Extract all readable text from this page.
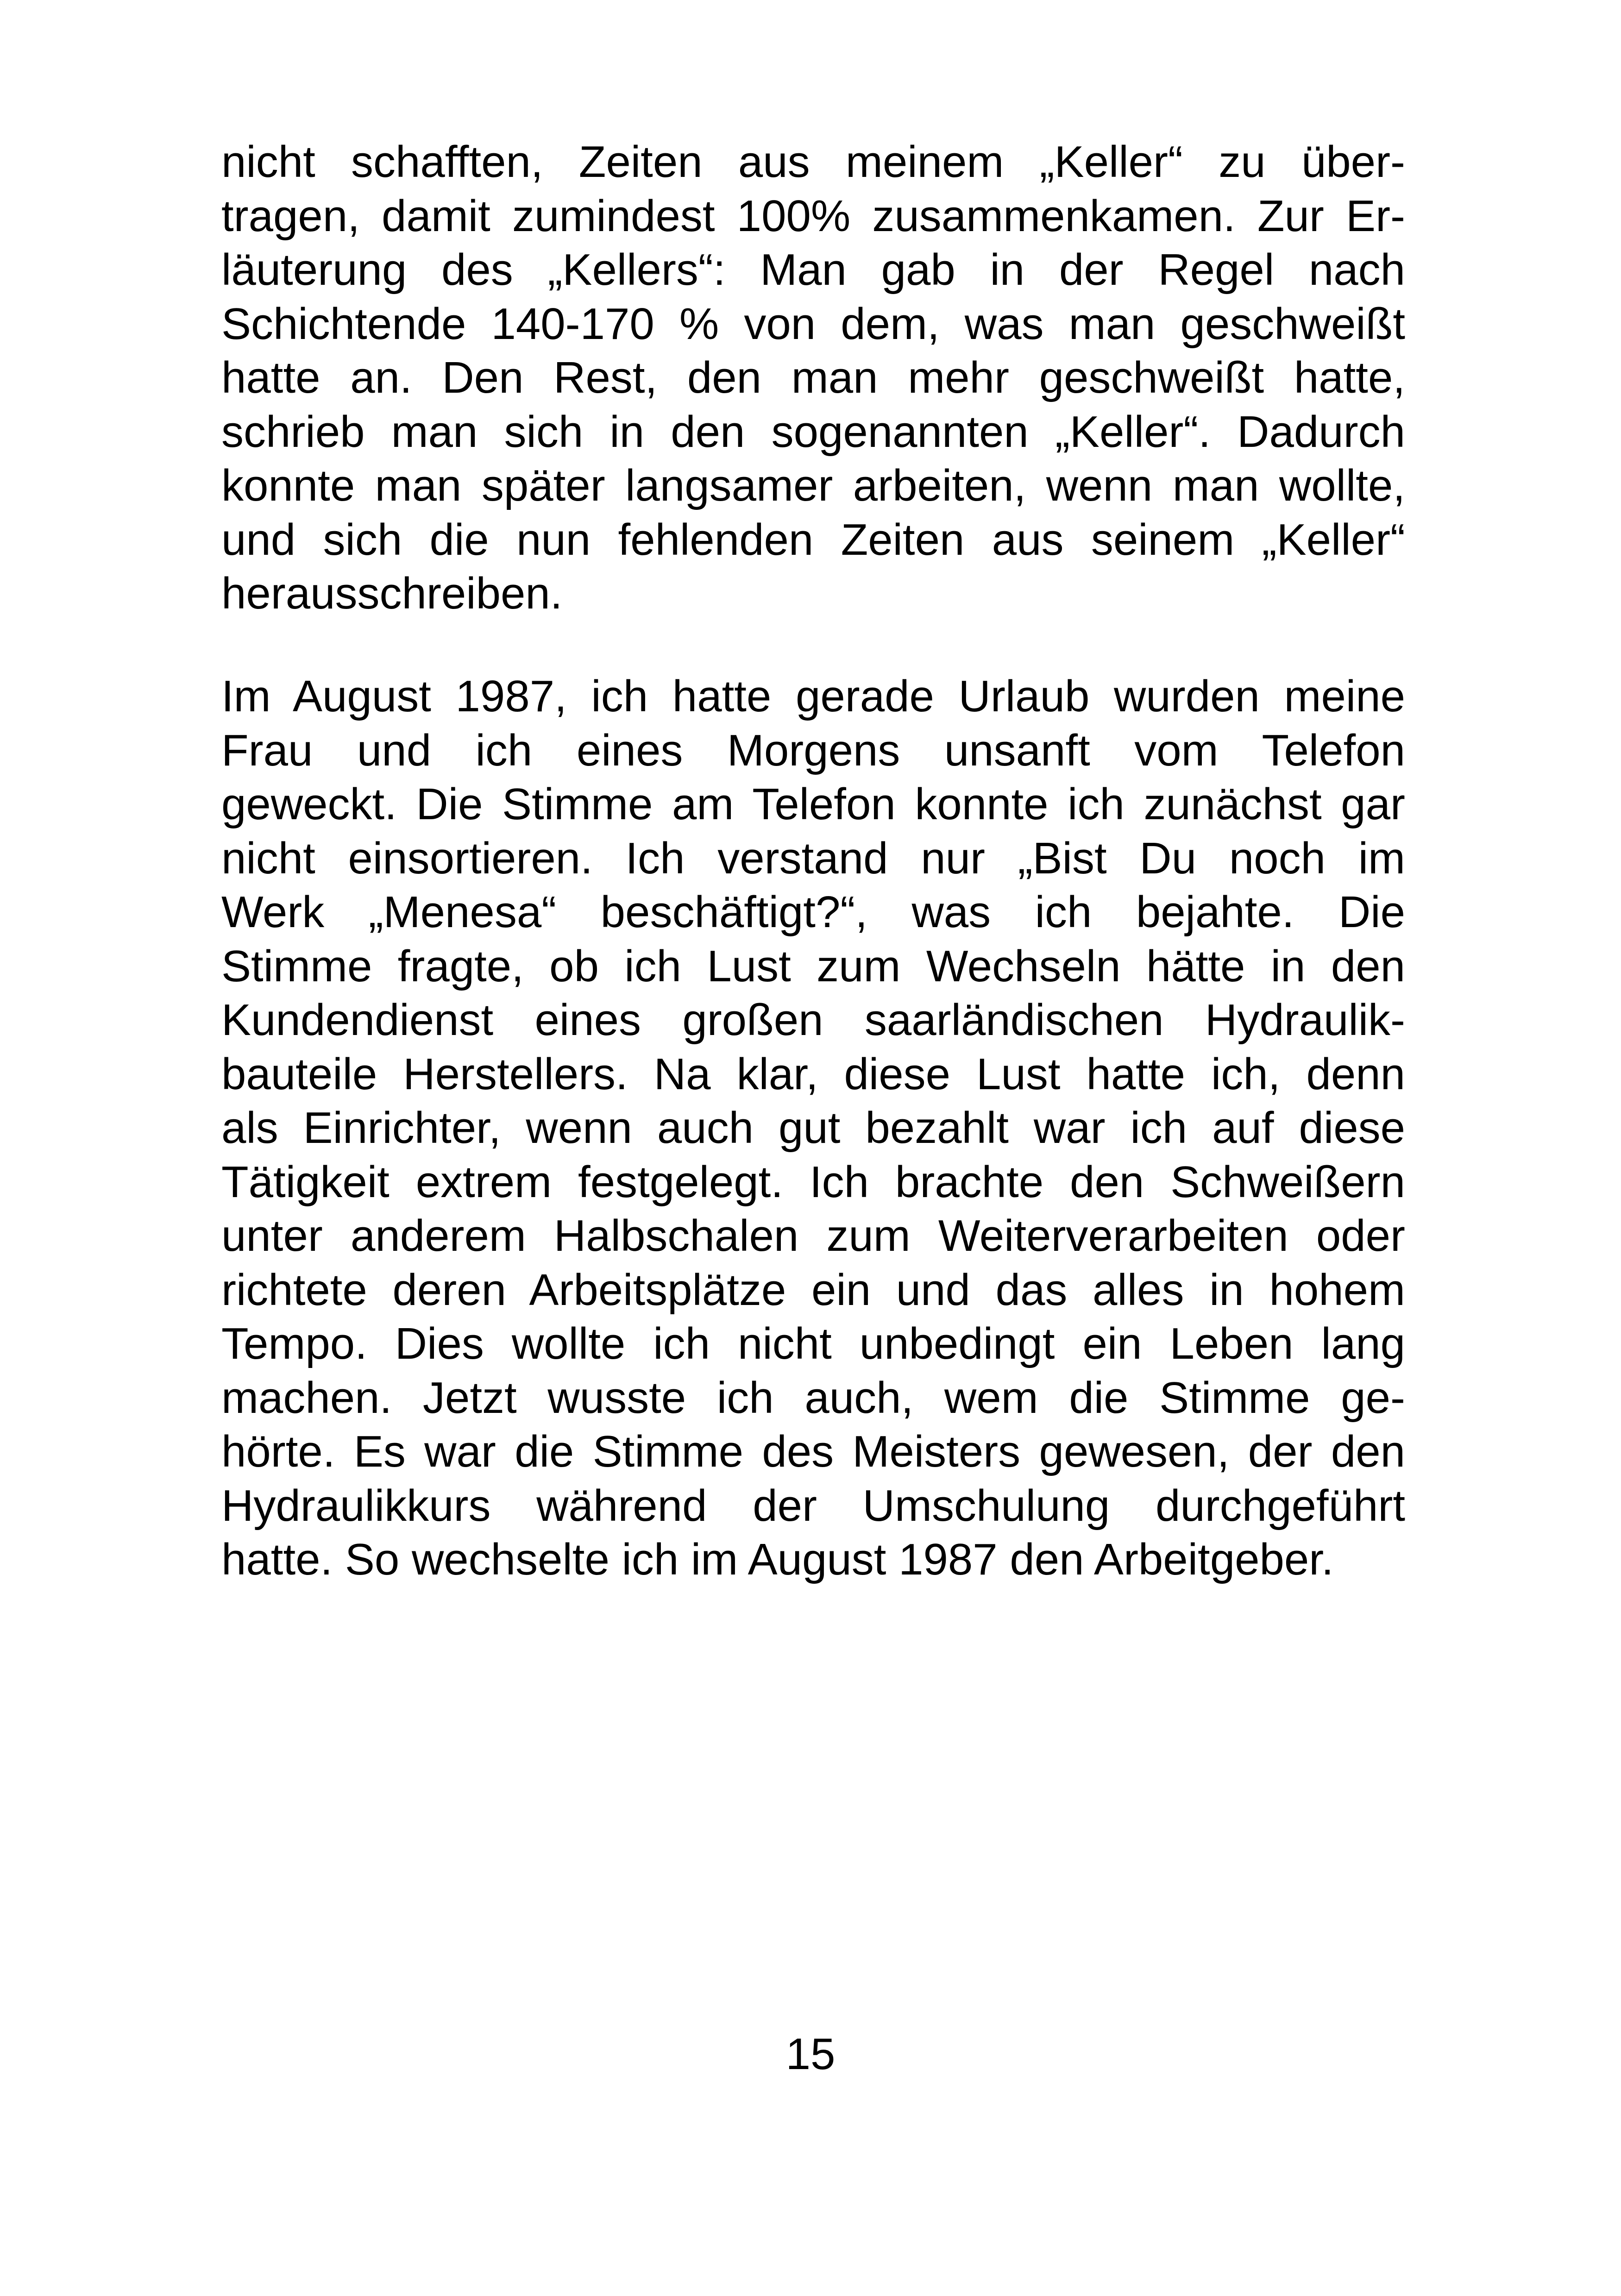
nicht schafften, Zeiten aus meinem „Keller“ zu über-
tragen, damit zumindest 100% zusammenkamen. Zur Er-
läuterung des „Kellers“: Man gab in der Regel nach
Schichtende 140-170 % von dem, was man geschweißt
hatte an. Den Rest, den man mehr geschweißt hatte,
schrieb man sich in den sogenannten „Keller“. Dadurch
konnte man später langsamer arbeiten, wenn man wollte,
und sich die nun fehlenden Zeiten aus seinem „Keller“
herausschreiben.
Im August 1987, ich hatte gerade Urlaub wurden meine
Frau und ich eines Morgens unsanft vom Telefon
geweckt. Die Stimme am Telefon konnte ich zunächst gar
nicht einsortieren. Ich verstand nur „Bist Du noch im
Werk „Menesa“ beschäftigt?“, was ich bejahte. Die
Stimme fragte, ob ich Lust zum Wechseln hätte in den
Kundendienst eines großen saarländischen Hydraulik-
bauteile Herstellers. Na klar, diese Lust hatte ich, denn
als Einrichter, wenn auch gut bezahlt war ich auf diese
Tätigkeit extrem festgelegt. Ich brachte den Schweißern
unter anderem Halbschalen zum Weiterverarbeiten oder
richtete deren Arbeitsplätze ein und das alles in hohem
Tempo. Dies wollte ich nicht unbedingt ein Leben lang
machen. Jetzt wusste ich auch, wem die Stimme ge-
hörte. Es war die Stimme des Meisters gewesen, der den
Hydraulikkurs während der Umschulung durchgeführt
hatte. So wechselte ich im August 1987 den Arbeitgeber.
15
